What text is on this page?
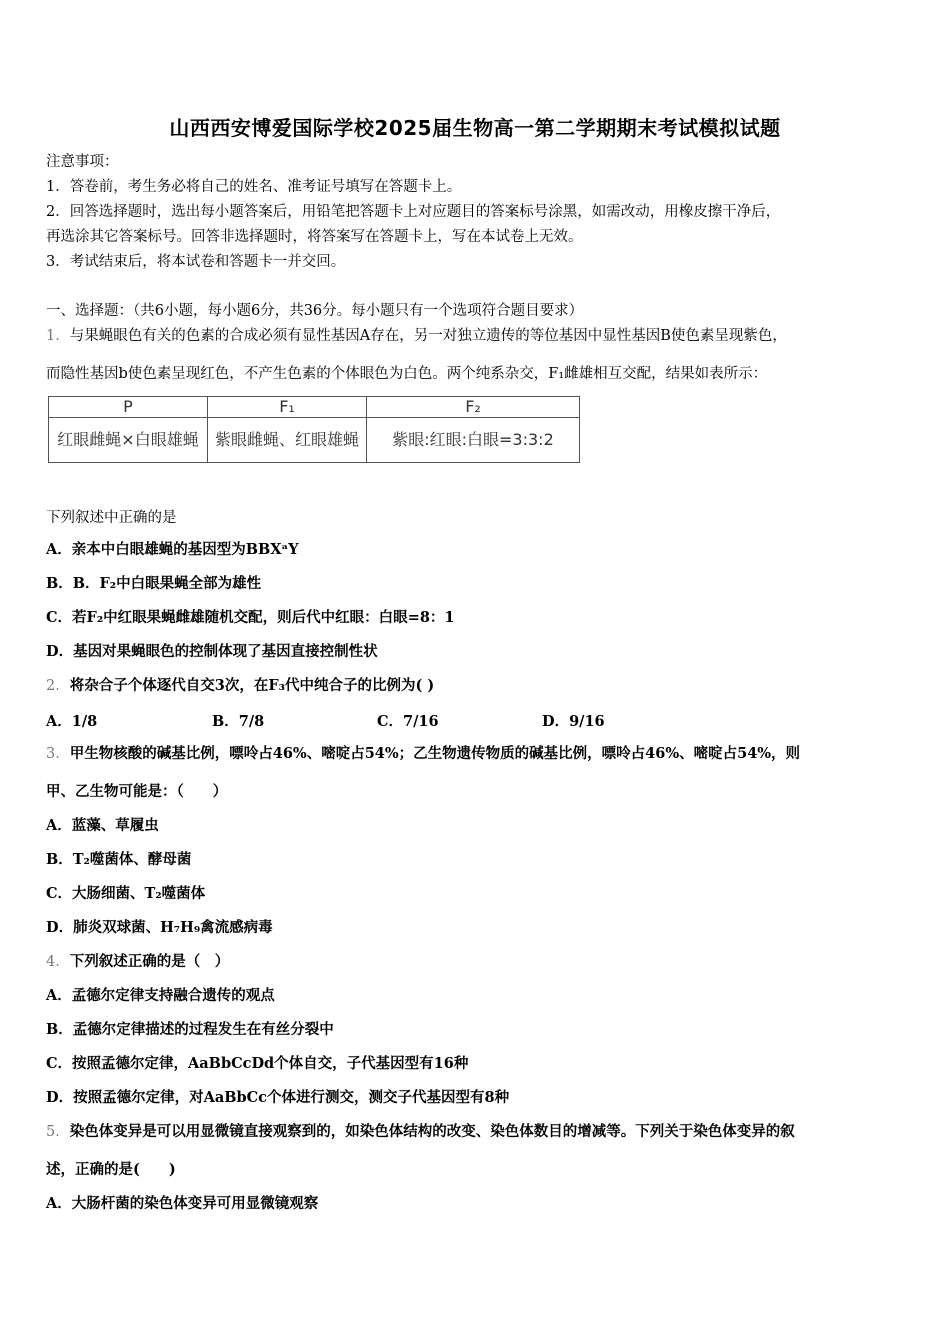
山西西安博爱国际学校2025届生物高一第二学期期末考试模拟试题
注意事项：
1．答卷前，考生务必将自己的姓名、准考证号填写在答题卡上。
2．回答选择题时，选出每小题答案后，用铅笔把答题卡上对应题目的答案标号涂黑，如需改动，用橡皮擦干净后，
再选涂其它答案标号。回答非选择题时，将答案写在答题卡上，写在本试卷上无效。
3．考试结束后，将本试卷和答题卡一并交回。
一、选择题：（共6小题，每小题6分，共36分。每小题只有一个选项符合题目要求）
1．与果蝇眼色有关的色素的合成必须有显性基因A存在，另一对独立遗传的等位基因中显性基因B使色素呈现紫色，
而隐性基因b使色素呈现红色，不产生色素的个体眼色为白色。两个纯系杂交，F₁雌雄相互交配，结果如表所示：
P	F₁	F₂
红眼雌蝇×白眼雄蝇	紫眼雌蝇、红眼雄蝇	紫眼:红眼:白眼=3:3:2
下列叙述中正确的是
A．亲本中白眼雄蝇的基因型为BBXᵃY
B．B．F₂中白眼果蝇全部为雄性
C．若F₂中红眼果蝇雌雄随机交配，则后代中红眼：白眼=8：1
D．基因对果蝇眼色的控制体现了基因直接控制性状
2．将杂合子个体逐代自交3次，在F₃代中纯合子的比例为( )
A．1/8	B．7/8	C．7/16	D．9/16
3．甲生物核酸的碱基比例，嘌呤占46%、嘧啶占54%；乙生物遗传物质的碱基比例，嘌呤占46%、嘧啶占54%，则
甲、乙生物可能是：（　　）
A．蓝藻、草履虫
B．T₂噬菌体、酵母菌
C．大肠细菌、T₂噬菌体
D．肺炎双球菌、H₇H₉禽流感病毒
4．下列叙述正确的是（　）
A．孟德尔定律支持融合遗传的观点
B．孟德尔定律描述的过程发生在有丝分裂中
C．按照孟德尔定律，AaBbCcDd个体自交，子代基因型有16种
D．按照孟德尔定律，对AaBbCc个体进行测交，测交子代基因型有8种
5．染色体变异是可以用显微镜直接观察到的，如染色体结构的改变、染色体数目的增减等。下列关于染色体变异的叙
述，正确的是(　　)
A．大肠杆菌的染色体变异可用显微镜观察
